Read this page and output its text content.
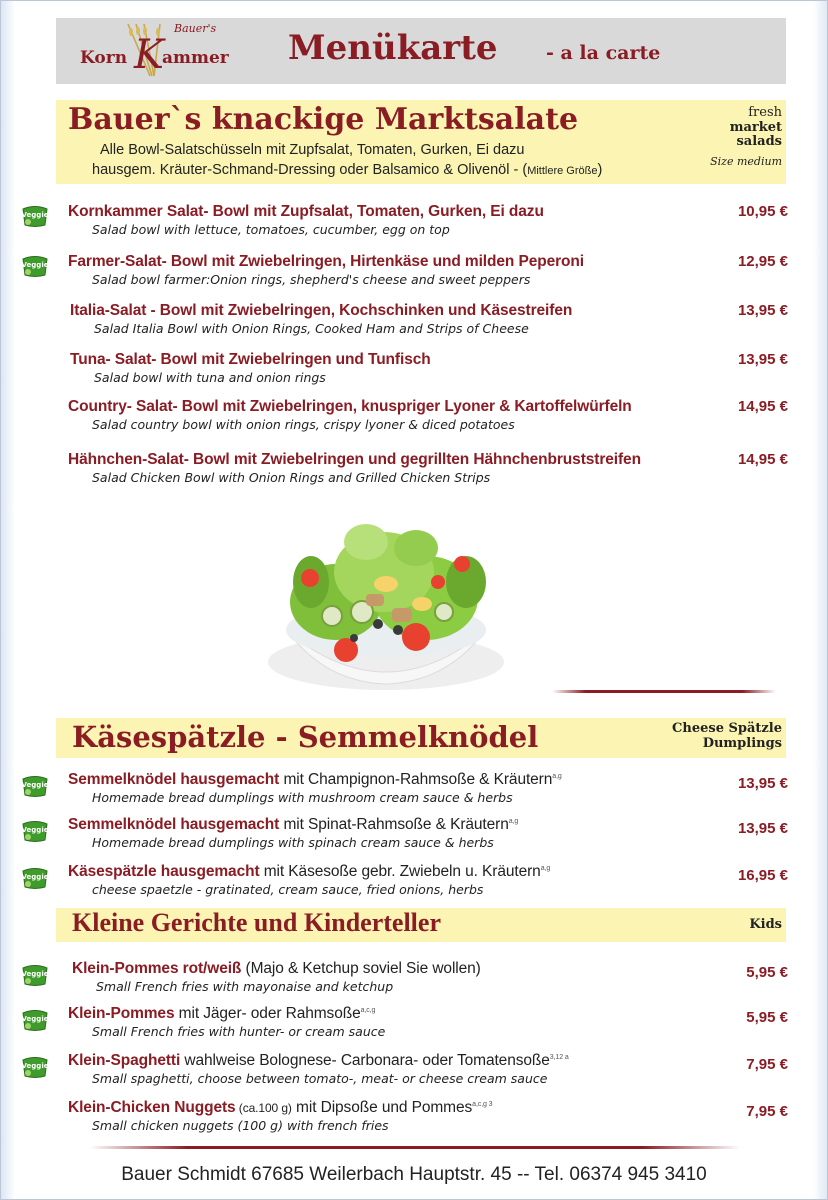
Bauer's
Korn K
ammer Menükarte	- a la carte
Bauer`s knackige Marktsalate
Alle Bowl-Salatschüsseln mit Zupfsalat, Tomaten, Gurken, Ei dazu
hausgem. Kräuter-Schmand-Dressing oder Balsamico & Olivenöl - (Mittlere Größe)
fresh
market
salads
Size medium
Kornkammer Salat- Bowl mit Zupfsalat, Tomaten, Gurken, Ei dazu
Salad bowl with lettuce, tomatoes, cucumber, egg on top
10,95 €
Farmer-Salat- Bowl mit Zwiebelringen, Hirtenkäse und milden Peperoni
Salad bowl farmer:Onion rings, shepherd's cheese and sweet peppers
12,95 €
Italia-Salat - Bowl mit Zwiebelringen, Kochschinken und Käsestreifen
Salad Italia Bowl with Onion Rings, Cooked Ham and Strips of Cheese
13,95 €
Tuna- Salat- Bowl mit Zwiebelringen und Tunfisch
Salad bowl with tuna and onion rings
13,95 €
Country- Salat- Bowl mit Zwiebelringen, knuspriger Lyoner & Kartoffelwürfeln
Salad country bowl with onion rings, crispy lyoner & diced potatoes
14,95 €
Hähnchen-Salat- Bowl mit Zwiebelringen und gegrillten Hähnchenbruststreifen
Salad Chicken Bowl with Onion Rings and Grilled Chicken Strips
14,95 €
Käsespätzle - Semmelknödel	Cheese Spätzle
Dumplings
Semmelknödel hausgemacht mit Champignon-Rahmsoße & Kräutern$^{a,g}$
Homemade bread dumplings with mushroom cream sauce & herbs
13,95 €
Semmelknödel hausgemacht mit Spinat-Rahmsoße & Kräutern$^{a,g}$
Homemade bread dumplings with spinach cream sauce & herbs
13,95 €
Käsespätzle hausgemacht mit Käsesoße gebr. Zwiebeln u. Kräutern$^{a,g}$
cheese spaetzle - gratinated, cream sauce, fried onions, herbs
16,95 €
Kleine Gerichte und Kinderteller	Kids
Klein-Pommes rot/weiß (Majo & Ketchup soviel Sie wollen)
Small French fries with mayonaise and ketchup
5,95 €
Klein-Pommes mit Jäger- oder Rahmsoße$^{a,c,g}$
Small French fries with hunter- or cream sauce
5,95 €
Klein-Spaghetti wahlweise Bolognese- Carbonara- oder Tomatensoße$^{3,12 a}$
Small spaghetti, choose between tomato-, meat- or cheese cream sauce
7,95 €
Klein-Chicken Nuggets (ca.100 g) mit Dipsoße und Pommes$^{a,c,g 3}$
Small chicken nuggets (100 g) with french fries
7,95 €
Bauer Schmidt 67685 Weilerbach Hauptstr. 45 -- Tel. 06374 945 3410
Veggie
Veggie
Veggie
Veggie
Veggie
Veggie
Veggie
Veggie
